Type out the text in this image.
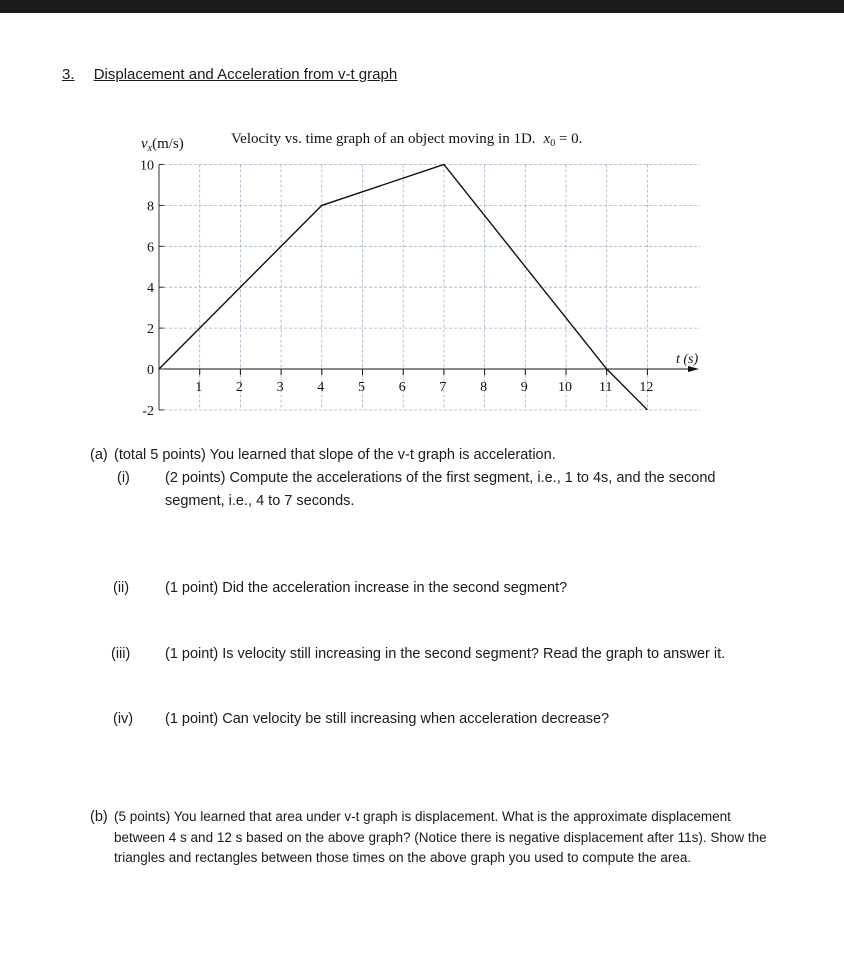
3. Displacement and Acceleration from v-t graph
-2
0
2
4
6
8
10
1 2 3 4 5 6 7 8 9 10 11 12
Velocity vs. time graph of an object moving in 1D. $x_0 = 0$.
$v_x(m/s)$
t (s)
(a) (total 5 points) You learned that slope of the v-t graph is acceleration.
(i) (2 points) Compute the accelerations of the first segment, i.e., 1 to 4s, and the second
segment, i.e., 4 to 7 seconds.
(ii) (1 point) Did the acceleration increase in the second segment?
(iii) (1 point) Is velocity still increasing in the second segment? Read the graph to answer it.
(iv) (1 point) Can velocity be still increasing when acceleration decrease?
(b) (5 points) You learned that area under v-t graph is displacement. What is the approximate displacement
between 4 s and 12 s based on the above graph? (Notice there is negative displacement after 11s). Show the
triangles and rectangles between those times on the above graph you used to compute the area.
